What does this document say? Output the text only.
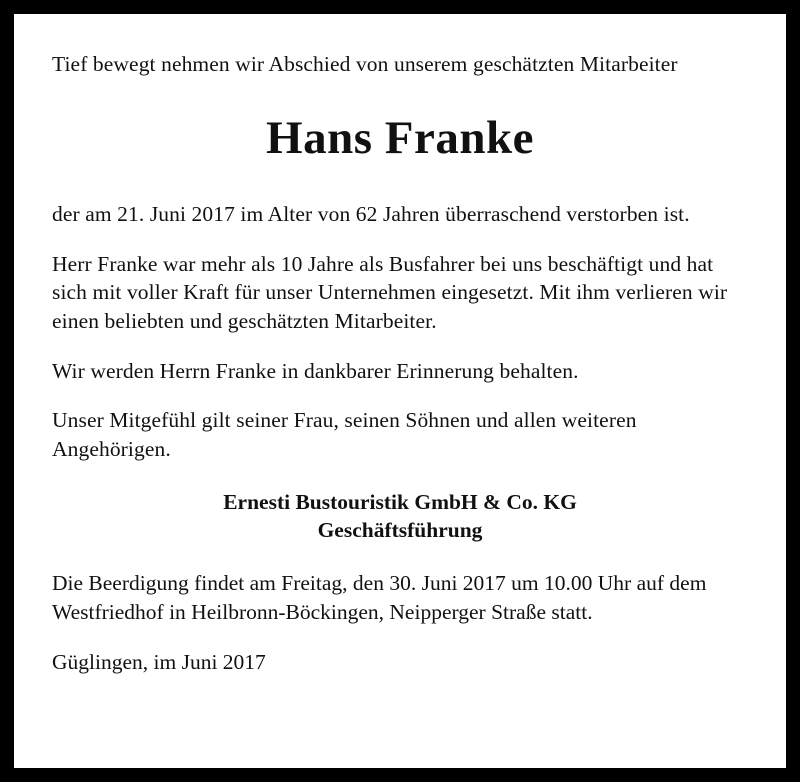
Tief bewegt nehmen wir Abschied von unserem geschätzten Mitarbeiter

Hans Franke

der am 21. Juni 2017 im Alter von 62 Jahren überraschend verstorben ist.

Herr Franke war mehr als 10 Jahre als Busfahrer bei uns beschäftigt und hat sich mit voller Kraft für unser Unternehmen eingesetzt. Mit ihm verlieren wir einen beliebten und geschätzten Mitarbeiter.

Wir werden Herrn Franke in dankbarer Erinnerung behalten.

Unser Mitgefühl gilt seiner Frau, seinen Söhnen und allen weiteren Angehörigen.

Ernesti Bustouristik GmbH & Co. KG
Geschäftsführung

Die Beerdigung findet am Freitag, den 30. Juni 2017 um 10.00 Uhr auf dem Westfriedhof in Heilbronn-Böckingen, Neipperger Straße statt.

Güglingen, im Juni 2017
